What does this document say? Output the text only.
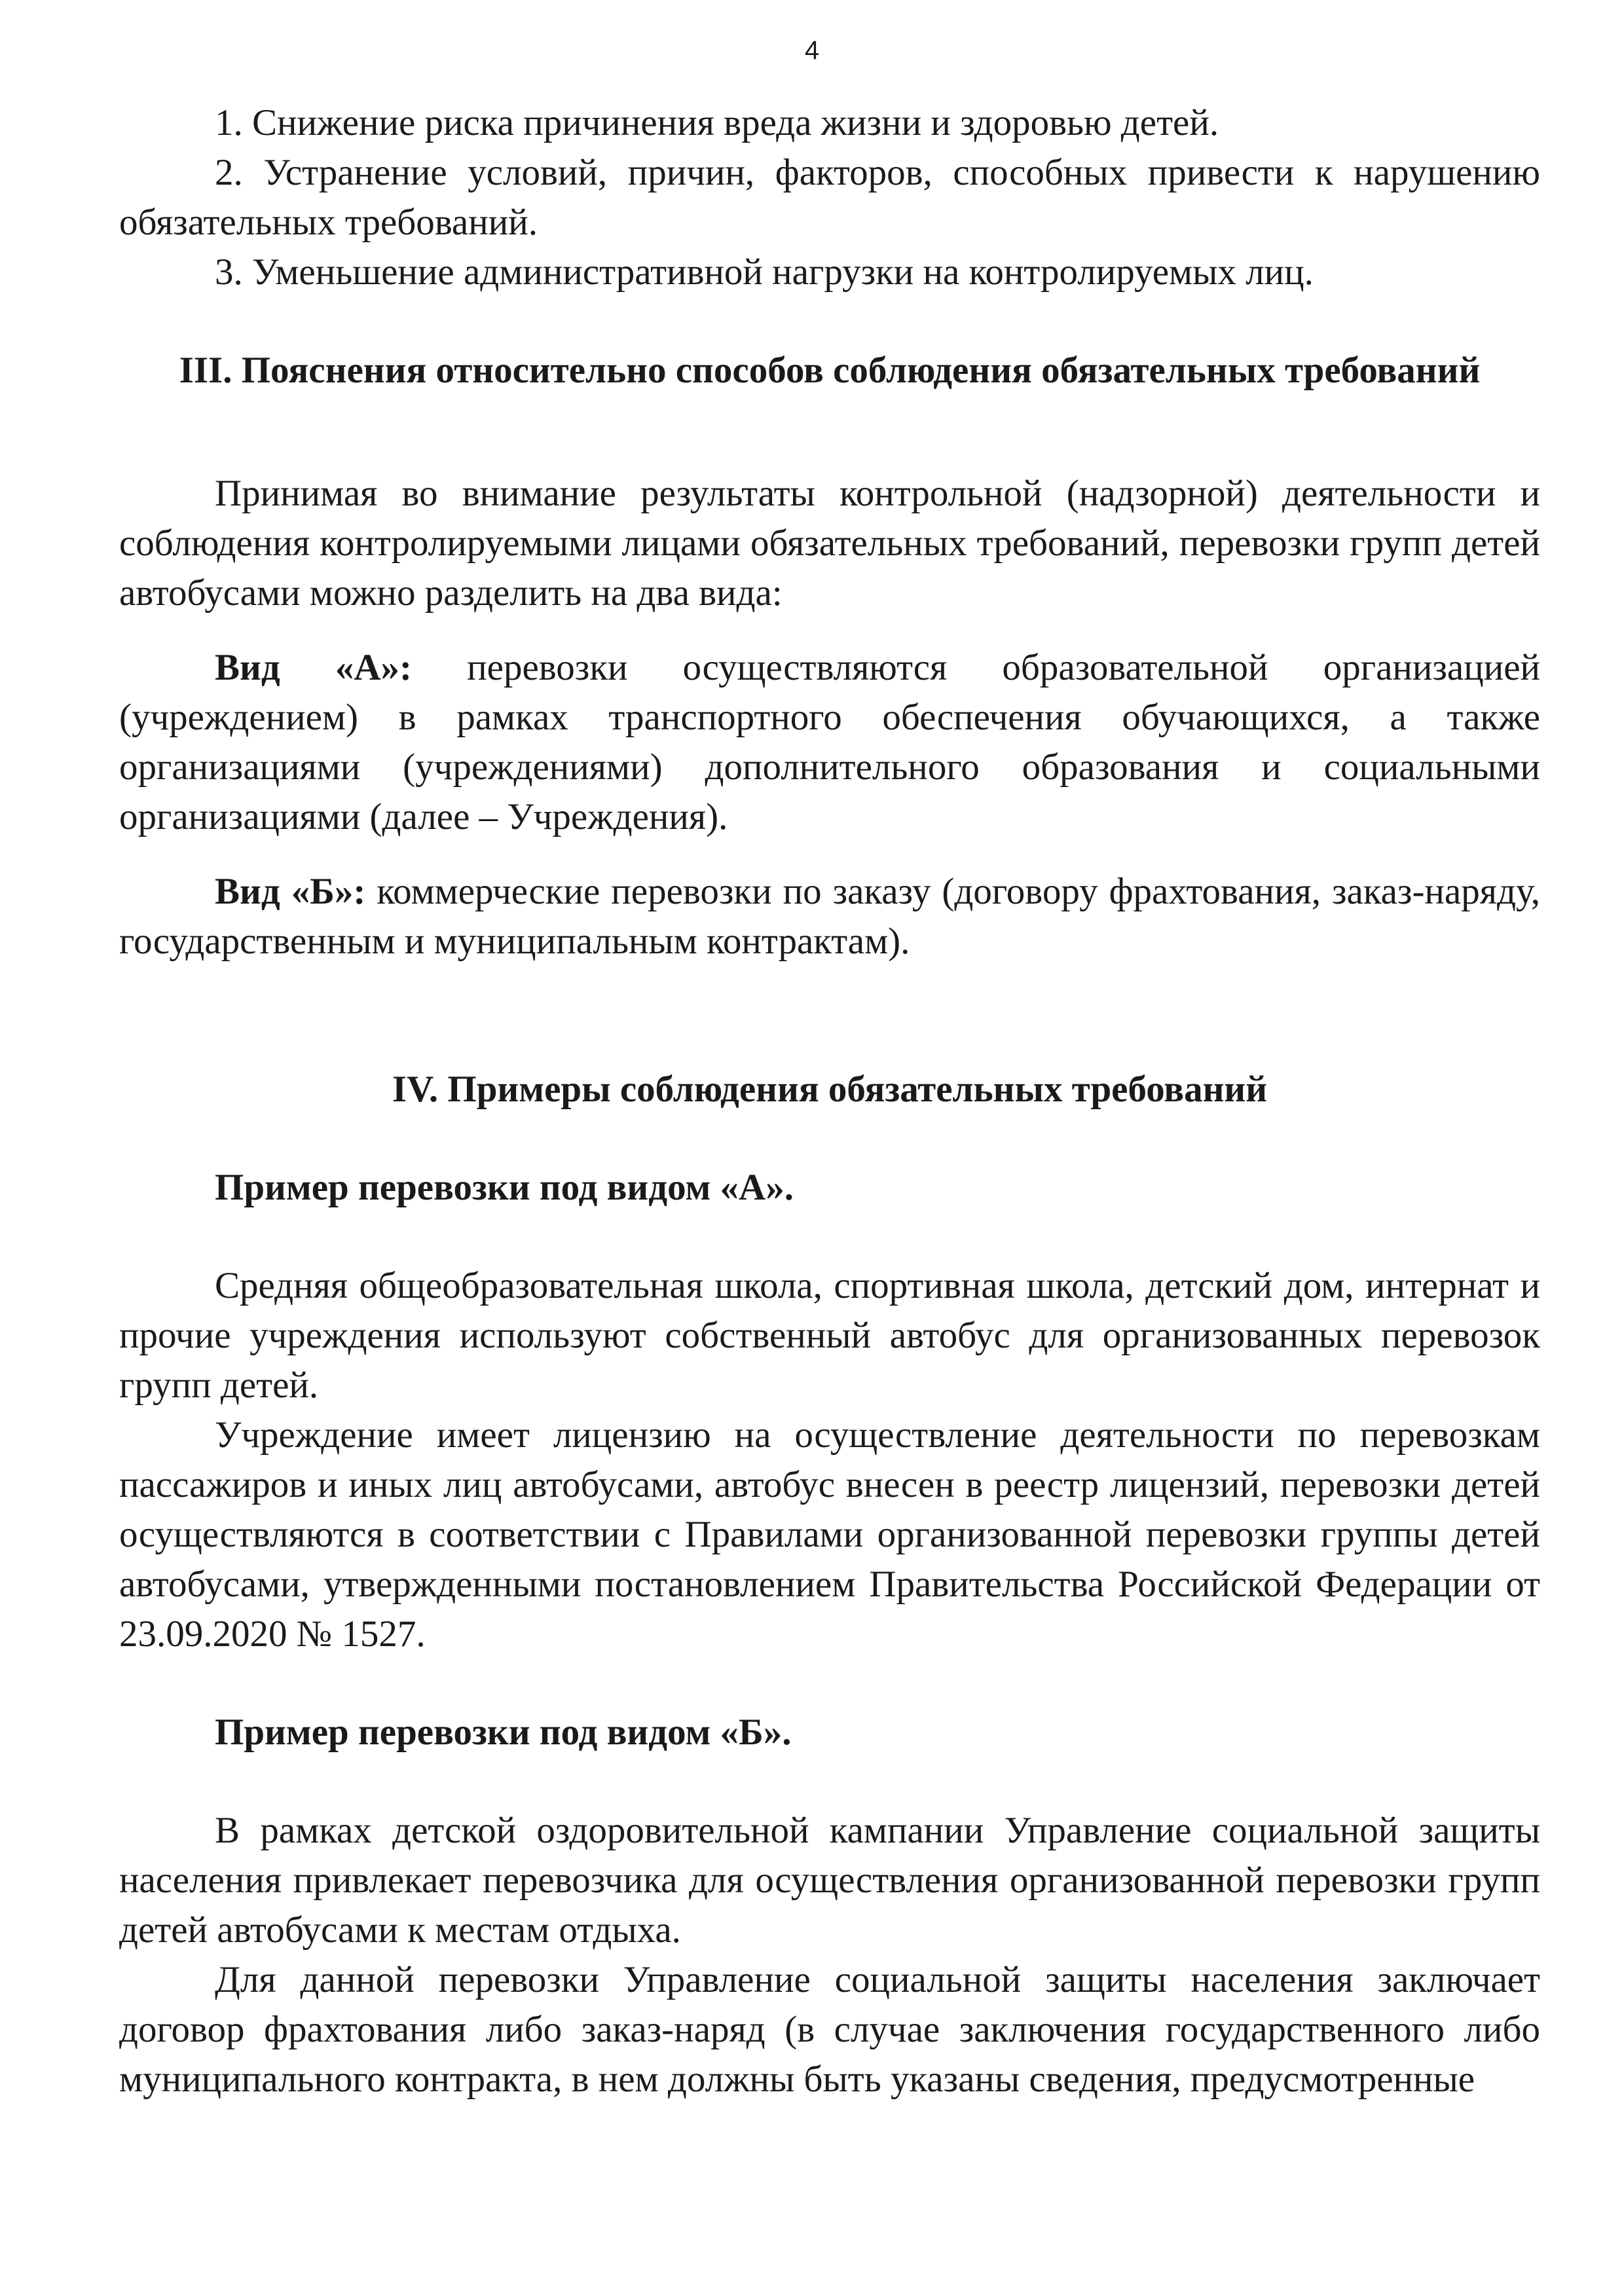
4

1. Снижение риска причинения вреда жизни и здоровью детей.

2. Устранение условий, причин, факторов, способных привести к нарушению обязательных требований.

3. Уменьшение административной нагрузки на контролируемых лиц.

III. Пояснения относительно способов соблюдения обязательных требований

Принимая во внимание результаты контрольной (надзорной) деятельности и соблюдения контролируемыми лицами обязательных требований, перевозки групп детей автобусами можно разделить на два вида:

Вид «А»: перевозки осуществляются образовательной организацией (учреждением) в рамках транспортного обеспечения обучающихся, а также организациями (учреждениями) дополнительного образования и социальными организациями (далее – Учреждения).

Вид «Б»: коммерческие перевозки по заказу (договору фрахтования, заказ-наряду, государственным и муниципальным контрактам).

IV. Примеры соблюдения обязательных требований

Пример перевозки под видом «А».

Средняя общеобразовательная школа, спортивная школа, детский дом, интернат и прочие учреждения используют собственный автобус для организованных перевозок групп детей.

Учреждение имеет лицензию на осуществление деятельности по перевозкам пассажиров и иных лиц автобусами, автобус внесен в реестр лицензий, перевозки детей осуществляются в соответствии с Правилами организованной перевозки группы детей автобусами, утвержденными постановлением Правительства Российской Федерации от 23.09.2020 № 1527.

Пример перевозки под видом «Б».

В рамках детской оздоровительной кампании Управление социальной защиты населения привлекает перевозчика для осуществления организованной перевозки групп детей автобусами к местам отдыха.

Для данной перевозки Управление социальной защиты населения заключает договор фрахтования либо заказ-наряд (в случае заключения государственного либо муниципального контракта, в нем должны быть указаны сведения, предусмотренные
